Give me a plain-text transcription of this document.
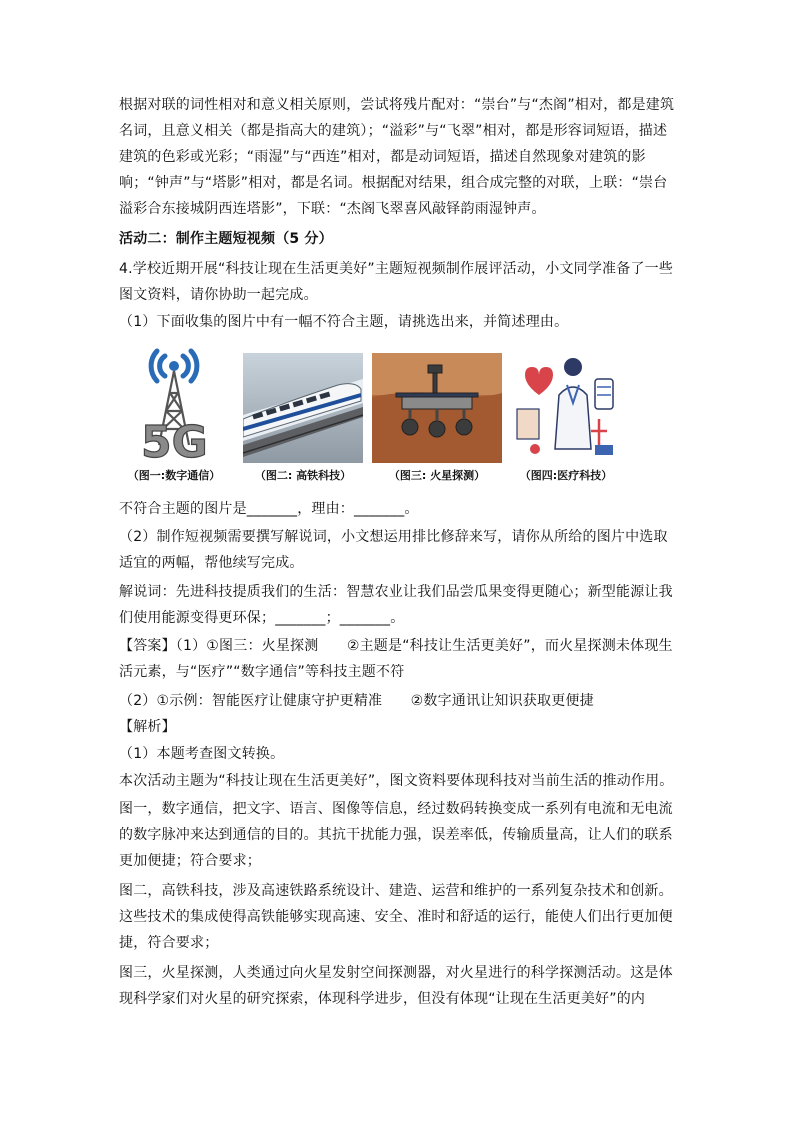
根据对联的词性相对和意义相关原则，尝试将残片配对：“崇台”与“杰阁”相对，都是建筑名词，且意义相关（都是指高大的建筑）；“溢彩”与“飞翠”相对，都是形容词短语，描述建筑的色彩或光彩；“雨湿”与“西连”相对，都是动词短语，描述自然现象对建筑的影响；“钟声”与“塔影”相对，都是名词。根据配对结果，组合成完整的对联，上联：“崇台溢彩合东接城阴西连塔影”，下联：“杰阁飞翠喜风敲铎韵雨湿钟声。

活动二：制作主题短视频（5 分）

4.学校近期开展“科技让现在生活更美好”主题短视频制作展评活动，小文同学准备了一些图文资料，请你协助一起完成。

（1）下面收集的图片中有一幅不符合主题，请挑选出来，并简述理由。

5G
（图一:数字通信）	（图二: 高铁科技）	（图三: 火星探测）	（图四:医疗科技）

不符合主题的图片是_______，理由：_______。

（2）制作短视频需要撰写解说词，小文想运用排比修辞来写，请你从所给的图片中选取适宜的两幅，帮他续写完成。

解说词：先进科技提质我们的生活：智慧农业让我们品尝瓜果变得更随心；新型能源让我们使用能源变得更环保；_______；_______。

【答案】（1）①图三：火星探测　　②主题是“科技让生活更美好”，而火星探测未体现生活元素，与“医疗”“数字通信”等科技主题不符

（2）①示例：智能医疗让健康守护更精准　　②数字通讯让知识获取更便捷

【解析】

（1）本题考查图文转换。

本次活动主题为“科技让现在生活更美好”，图文资料要体现科技对当前生活的推动作用。

图一，数字通信，把文字、语言、图像等信息，经过数码转换变成一系列有电流和无电流的数字脉冲来达到通信的目的。其抗干扰能力强，误差率低，传输质量高，让人们的联系更加便捷；符合要求；

图二，高铁科技，涉及高速铁路系统设计、建造、运营和维护的一系列复杂技术和创新。这些技术的集成使得高铁能够实现高速、安全、准时和舒适的运行，能使人们出行更加便捷，符合要求；

图三，火星探测，人类通过向火星发射空间探测器，对火星进行的科学探测活动。这是体现科学家们对火星的研究探索，体现科学进步，但没有体现“让现在生活更美好”的内
